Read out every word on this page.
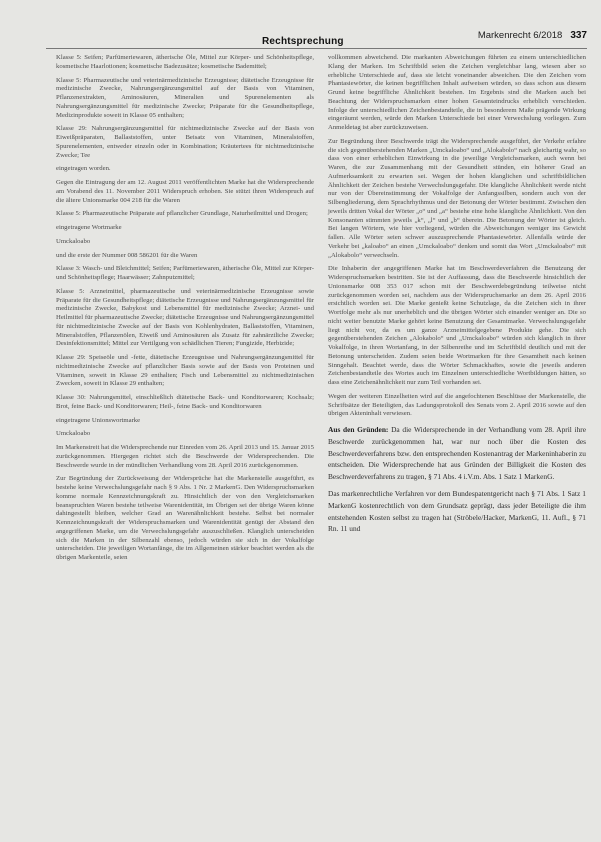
Rechtsprechung
Markenrecht 6/2018 337

Klasse 5: Seifen; Parfümeriewaren, ätherische Öle, Mittel zur Körper- und Schönheitspflege, kosmetische Haarlotionen; kosmetische Badezusätze; kosmetische Bademittel;

Klasse 5: Pharmazeutische und veterinärmedizinische Erzeugnisse; diätetische Erzeugnisse für medizinische Zwecke, Nahrungsergänzungsmittel auf der Basis von Vitaminen, Pflanzenextrakten, Aminosäuren, Mineralien und Spurenelementen als Nahrungsergänzungsmittel für medizinische Zwecke; Präparate für die Gesundheitspflege, Medizinprodukte soweit in Klasse 05 enthalten;

Klasse 29: Nahrungsergänzungsmittel für nichtmedizinische Zwecke auf der Basis von Eiweißpräparaten, Ballaststoffen, unter Beisatz von Vitaminen, Mineralstoffen, Spurenelementen, entweder einzeln oder in Kombination; Kräutertees für nichtmedizinische Zwecke; Tee

eingetragen worden.

Gegen die Eintragung der am 12. August 2011 veröffentlichten Marke hat die Widersprechende am Vorabend des 11. November 2011 Widerspruch erhoben. Sie stützt ihren Widerspruch auf die ältere Unionsmarke 004 218 für die Waren

Klasse 5: Pharmazeutische Präparate auf pflanzlicher Grundlage, Naturheilmittel und Drogen;

eingetragene Wortmarke

Umckaloabo

und die erste der Nummer 008 586201 für die Waren

Klasse 3: Wasch- und Bleichmittel; Seifen; Parfümeriewaren, ätherische Öle, Mittel zur Körper- und Schönheitspflege; Haarwässer; Zahnputzmittel;

Klasse 5: Arzneimittel, pharmazeutische und veterinärmedizinische Erzeugnisse sowie Präparate für die Gesundheitspflege; diätetische Erzeugnisse und Nahrungsergänzungsmittel für medizinische Zwecke, Babykost und Lebensmittel für medizinische Zwecke; Arznei- und Heilmittel für pharmazeutische Zwecke; diätetische Erzeugnisse und Nahrungsergänzungsmittel für nichtmedizinische Zwecke auf der Basis von Kohlenhydraten, Ballaststoffen, Vitaminen, Mineralstoffen, Pflanzenölen, Eiweiß und Aminosäuren als Zusatz für zahnärztliche Zwecke; Desinfektionsmittel; Mittel zur Vertilgung von schädlichen Tieren; Fungizide, Herbizide;

Klasse 29: Speiseöle und -fette, diätetische Erzeugnisse und Nahrungsergänzungsmittel für nichtmedizinische Zwecke auf pflanzlicher Basis sowie auf der Basis von Proteinen und Vitaminen, soweit in Klasse 29 enthalten; Fisch und Lebensmittel zu nichtmedizinischen Zwecken, soweit in Klasse 29 enthalten;

Klasse 30: Nahrungsmittel, einschließlich diätetische Back- und Konditorwaren; Kochsalz; Brot, feine Back- und Konditorwaren; Heil-, feine Back- und Konditorwaren

eingetragene Unionswortmarke

Umckaloabo

Im Markenstreit hat die Widersprechende nur Einreden vom 26. April 2013 und 15. Januar 2015 zurückgenommen. Hiergegen richtet sich die Beschwerde der Widersprechenden. Die Beschwerde wurde in der mündlichen Verhandlung vom 28. April 2016 zurückgenommen.

Zur Begründung der Zurückweisung der Widersprüche hat die Markenstelle ausgeführt, es bestehe keine Verwechslungsgefahr nach § 9 Abs. 1 Nr. 2 MarkenG. Den Widerspruchsmarken komme normale Kennzeichnungskraft zu. Hinsichtlich der von den Vergleichsmarken beanspruchten Waren bestehe teilweise Warenidentität, im Übrigen sei der übrige Waren könne dahingestellt bleiben, welcher Grad an Warenähnlichkeit bestehe. Selbst bei normaler Kennzeichnungskraft der Widerspruchsmarken und Warenidentität genügt der Abstand den angegriffenen Marke, um die Verwechslungsgefahr auszuschließen. Klanglich unterscheiden sich die Marken in der Silbenzahl ebenso, jedoch würden sie sich in der Vokalfolge unterscheiden. Die jeweiligen Wortanfänge, die im Allgemeinen stärker beachtet werden als die übrigen Markenteile, seien

vollkommen abweichend. Die markanten Abweichungen führten zu einem unterschiedlichen Klang der Marken. Im Schriftbild seien die Zeichen vergleichbar lang, wiesen aber so erhebliche Unterschiede auf, dass sie leicht voneinander abweichen. Die den Zeichen vom Phantasiewörter, die keinen begrifflichen Inhalt aufweisen würden, so dass schon aus diesem Grund keine begriffliche Ähnlichkeit bestehen. Im Ergebnis sind die Marken auch bei Beachtung der Widerspruchsmarken einer hohen Gesamteindrucks erheblich verschieden. Infolge der unterschiedlichen Zeichenbestandteile, die in besonderem Maße prägende Wirkung eingeräumt werden, würde den Marken Unterschiede bei einer Verwechslung vorliegen. Zum Anmeldetag ist aber zurückzuweisen.

Zur Begründung ihrer Beschwerde trägt die Widersprechende ausgeführt, der Verkehr erfahre die sich gegenüberstehenden Marken „Umckaloabo“ und „Alokabolo“ nach gleichartig wahr, so dass von einer erheblichen Einwirkung in die jeweilige Vergleichsmarken, auch wenn bei Waren, die zur Zusammenhang mit der Gesundheit stünden, ein höherer Grad an Aufmerksamkeit zu erwarten sei. Wegen der hohen klanglichen und schriftbildlichen Ähnlichkeit der Zeichen bestehe Verwechslungsgefahr. Die klangliche Ähnlichkeit werde nicht nur von der Übereinstimmung der Vokalfolge der Anfangssilben, sondern auch von der Silbengliederung, dem Sprachrhythmus und der Betonung der Wörter bestimmt. Zwischen den jeweils dritten Vokal der Wörter „o“ und „a“ bestehe eine hohe klangliche Ähnlichkeit. Von den Konsonanten stimmten jeweils „k“, „l“ und „b“ überein. Die Betonung der Wörter ist gleich. Bei langen Wörtern, wie hier vorliegend, würden die Abweichungen weniger ins Gewicht fallen. Alle Wörter seien schwer auszusprechende Phantasiewörter. Allenfalls würde der Verkehr bei „kaloabo“ an einen „Umckaloabo“ denken und somit das Wort „Umckaloabo“ mit „Alokabolo“ verwechseln.

Die Inhaberin der angegriffenen Marke hat im Beschwerdeverfahren die Benutzung der Widerspruchsmarken bestritten. Sie ist der Auffassung, dass die Beschwerde hinsichtlich der Unionsmarke 008 353 017 schon mit der Beschwerdebegründung teilweise nicht zurückgenommen worden sei, nachdem aus der Widerspruchsmarke an dem 26. April 2016 ersichtlich worden sei. Die Marke genießt keine Schutzlage, da die Zeichen sich in ihrer Wortfolge mehr als nur unerheblich und die übrigen Wörter sich einander weniger an. Die so nicht weiter benutzte Marke gehört keine Benutzung der Gesamtmarke. Verwechslungsgefahr liegt nicht vor, da es um ganze Arzneimittelgegebene Produkte gehe. Die sich gegenüberstehenden Zeichen „Alokabolo“ und „Umckaloabo“ würden sich klanglich in ihrer Vokalfolge, in ihren Wortanfang, in der Silbenreihe und im Schriftbild deutlich und mit der Betonung unterscheiden. Zudem seien beide Wortmarken für ihre Gesamtheit nach keinen Sinngehalt. Beachtet werde, dass die Wörter Schmackhaftes, sowie die jeweils anderen Zeichenbestandteile des Wortes auch im Einzelnen unterschiedliche Wortbildungen hätten, so dass eine Zeichenähnlichkeit nur zum Teil vorhanden sei.

Wegen der weiteren Einzelheiten wird auf die angefochtenen Beschlüsse der Markenstelle, die Schriftsätze der Beteiligten, das Ladungsprotokoll des Senats vom 2. April 2016 sowie auf den übrigen Akteninhalt verwiesen.

Aus den Gründen: Da die Widersprechende in der Verhandlung vom 28. April ihre Beschwerde zurückgenommen hat, war nur noch über die Kosten des Beschwerdeverfahrens bzw. den entsprechenden Kostenantrag der Markeninhaberin zu entscheiden. Die Widersprechende hat aus Gründen der Billigkeit die Kosten des Beschwerdeverfahrens zu tragen, § 71 Abs. 4 i.V.m. Abs. 1 Satz 1 MarkenG.

Das markenrechtliche Verfahren vor dem Bundespatentgericht nach § 71 Abs. 1 Satz 1 MarkenG kostenrechtlich von dem Grundsatz geprägt, dass jeder Beteiligte die ihm entstehenden Kosten selbst zu tragen hat (Ströbele/Hacker, MarkenG, 11. Aufl., § 71 Rn. 11 und
